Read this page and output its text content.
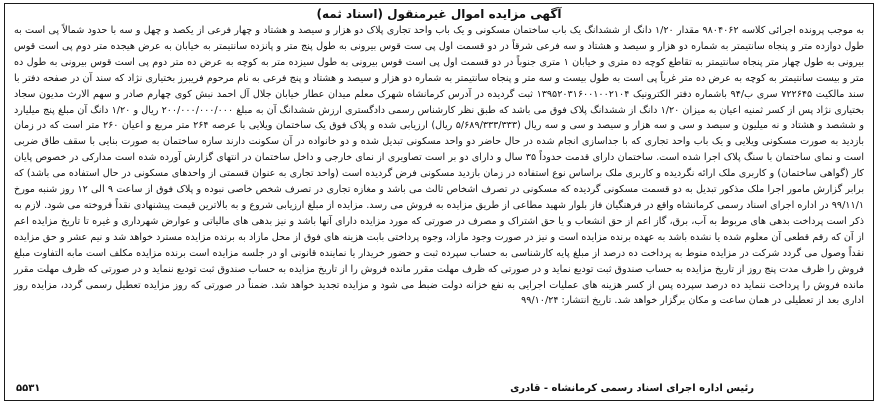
آگهی مزایده اموال غیرمنقول (اسناد ثمه)

به موجب پرونده اجرائی کلاسه ۹۸۰۴۰۶۲ مقدار ۱/۲۰ دانگ از ششدانگ یک باب ساختمان مسکونی و یک باب واحد تجاری پلاک دو هزار و سیصد و هشتاد و چهار فرعی از یکصد و چهل و سه با حدود شمالاً پی است به طول دوازده متر و پنجاه سانتیمتر به شماره دو هزار و سیصد و هشتاد و سه فرعی شرقاً در دو قسمت اول پی ست قوس بیرونی به طول پنج متر و پانزده سانتیمتر به خیابان به عرض هیجده متر دوم پی است قوس بیرونی به طول چهار متر پنجاه سانتیمتر به تقاطع کوچه ده متری و خیابان ۱ متری جنوباً در دو قسمت اول پی است قوس بیرونی به طول سیزده متر به کوچه به عرض ده متر دوم پی است قوس بیرونی به طول ده متر و بیست سانتیمتر به کوچه به عرض ده متر غرباً پی است به طول بیست و سه متر و پنجاه سانتیمتر به شماره دو هزار و سیصد و هشتاد و پنج فرعی به نام مرحوم فریبرز بختیاری نژاد که سند آن در صفحه دفتر با سند مالکیت ۷۲۲۶۴۵ سری ب/۹۴ باشماره دفتر الکترونیک ۱۳۹۵۲۰۳۱۶۰۰۱۰۰۲۱۰۴ ثبت گردیده در آدرس کرمانشاه شهرک معلم میدان عطار خیابان جلال آل احمد نبش کوی چهارم صادر و سهم الارث مدیون سجاد بختیاری نژاد پس از کسر ثمنیه اعیان به میزان ۱/۲۰ دانگ از ششدانگ پلاک فوق می باشد که طبق نظر کارشناس رسمی دادگستری ارزش ششدانگ آن به مبلغ ۲۰۰/۰۰۰/۰۰۰/۰۰۰ ریال و ۱/۲۰ دانگ آن مبلغ پنج میلیارد و ششصد و هشتاد و نه میلیون و سیصد و سی و سه هزار و سیصد و سی و سه ریال (۵/۶۸۹/۳۳۳/۳۳۳ ریال) ارزیابی شده و پلاک فوق یک ساختمان ویلایی با عرصه ۲۶۴ متر مربع و اعیان ۲۶۰ متر است که در زمان بازدید به صورت مسکونی ویلایی و یک باب واحد تجاری که با جداسازی انجام شده در حال حاضر دو واحد مسکونی تبدیل شده و دو خانواده در آن سکونت دارند سازه ساختمان به صورت بنایی با سقف طاق ضربی است و نمای ساختمان با سنگ پلاک اجرا شده است. ساختمان دارای قدمت حدوداً ۳۵ سال و دارای دو بر است تصاویری از نمای خارجی و داخل ساختمان در انتهای گزارش آورده شده است مدارکی در خصوص پایان کار (گواهی ساختمان) و کاربری ملک ارائه نگردیده و کاربری ملک براساس نوع استفاده در زمان بازدید مسکونی فرض گردیده است (واحد تجاری به عنوان قسمتی از واحدهای مسکونی در حال استفاده می باشد) که برابر گزارش مامور اجرا ملک مذکور تبدیل به دو قسمت مسکونی گردیده که مسکونی در تصرف اشخاص ثالث می باشد و مغازه تجاری در تصرف شخص خاصی نبوده و پلاک فوق از ساعت ۹ الی ۱۲ روز شنبه مورخ ۹۹/۱۱/۱ در اداره اجرای اسناد رسمی کرمانشاه واقع در فرهنگیان فاز بلوار شهید مطاعی از طریق مزایده به فروش می رسد. مزایده از مبلغ ارزیابی شروع و به بالاترین قیمت پیشنهادی نقداً فروخته می شود. لازم به ذکر است پرداخت بدهی های مربوط به آب، برق، گاز اعم از حق انشعاب و یا حق اشتراک و مصرف در صورتی که مورد مزایده دارای آنها باشد و نیز بدهی های مالیاتی و عوارض شهرداری و غیره تا تاریخ مزایده اعم از آن که رقم قطعی آن معلوم شده یا نشده باشد به عهده برنده مزایده است و نیز در صورت وجود مازاد، وجوه پرداختی بابت هزینه های فوق از محل مازاد به برنده مزایده مسترد خواهد شد و نیم عشر و حق مزایده نقداً وصول می گردد شرکت در مزایده منوط به پرداخت ده درصد از مبلغ پایه کارشناسی به حساب سپرده ثبت و حضور خریدار یا نماینده قانونی او در جلسه مزایده است برنده مزایده مکلف است مابه التفاوت مبلغ فروش را ظرف مدت پنج روز از تاریخ مزایده به حساب صندوق ثبت تودیع نماید و در صورتی که ظرف مهلت مقرر مانده فروش را از تاریخ مزایده به حساب صندوق ثبت تودیع ننماید و در صورتی که ظرف مهلت مقرر مانده فروش را پرداخت ننماید ده درصد سپرده پس از کسر هزینه های عملیات اجرایی به نفع خزانه دولت ضبط می شود و مزایده تجدید خواهد شد. ضمناً در صورتی که روز مزایده تعطیل رسمی گردد، مزایده روز اداری بعد از تعطیلی در همان ساعت و مکان برگزار خواهد شد. تاریخ انتشار: ۹۹/۱۰/۲۴

رئیس اداره اجرای اسناد رسمی کرمانشاه - قادری
۵۵۳۱
